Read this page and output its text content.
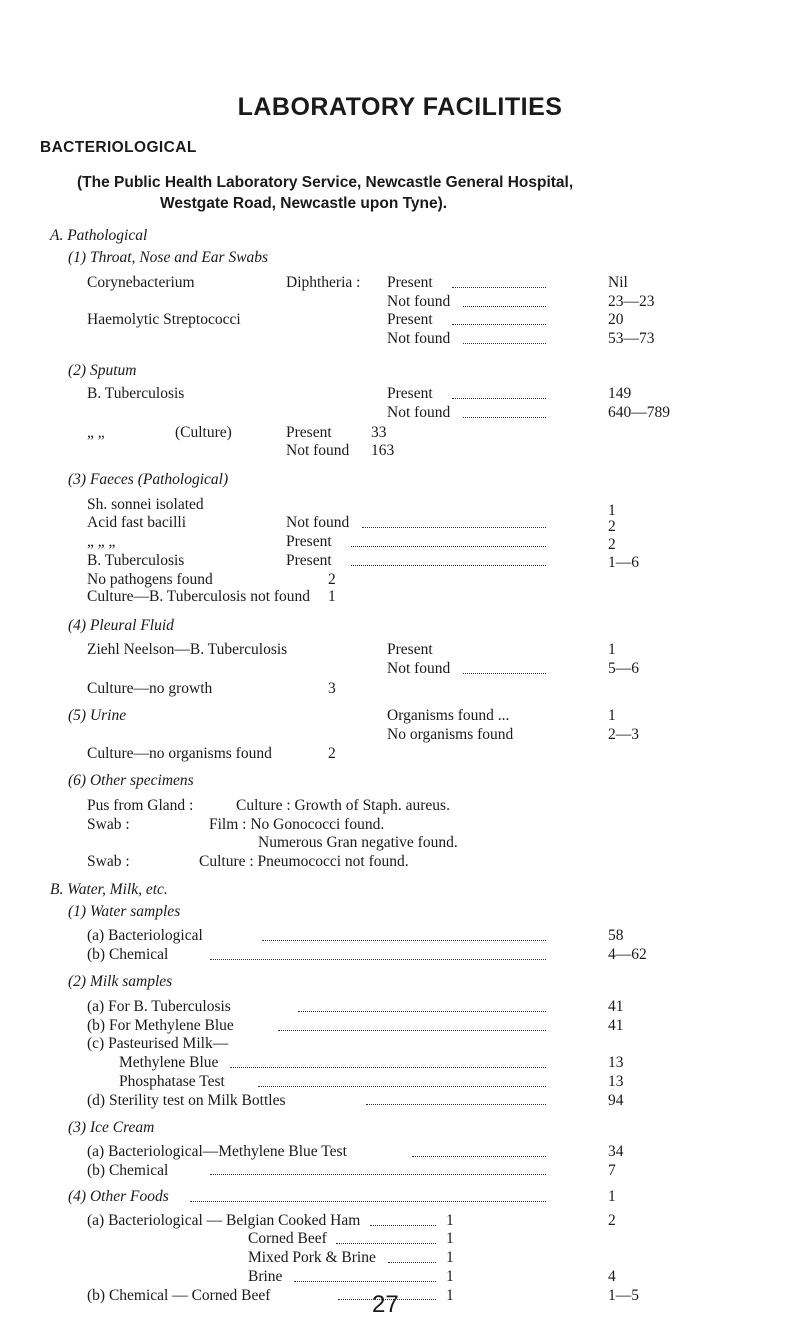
LABORATORY FACILITIES
BACTERIOLOGICAL
(The Public Health Laboratory Service, Newcastle General Hospital,
Westgate Road, Newcastle upon Tyne).
A. Pathological
(1) Throat, Nose and Ear Swabs
Corynebacterium	Diphtheria : Present	Nil
Not found	23—23
Haemolytic Streptococci	Present	20
Not found	53—73
(2) Sputum
B. Tuberculosis	Present	149
Not found	640—789
„ „	(Culture)	Present	33
Not found 163
(3) Faeces (Pathological)
Sh. sonnei isolated	1
Acid fast bacilli	Not found	2
„ „ „	Present	2
B. Tuberculosis	Present	1—6
No pathogens found	2
Culture—B. Tuberculosis not found 1
(4) Pleural Fluid
Ziehl Neelson—B. Tuberculosis	Present	1
Not found	5—6
Culture—no growth	3
(5) Urine	Organisms found ...	1
No organisms found	2—3
Culture—no organisms found	2
(6) Other specimens
Pus from Gland :	Culture : Growth of Staph. aureus.
Swab :	Film : No Gonococci found.
Numerous Gran negative found.
Swab :	Culture : Pneumococci not found.
B. Water, Milk, etc.
(1) Water samples
(a) Bacteriological	58
(b) Chemical	4—62
(2) Milk samples
(a) For B. Tuberculosis	41
(b) For Methylene Blue	41
(c) Pasteurised Milk—
Methylene Blue	13
Phosphatase Test	13
(d) Sterility test on Milk Bottles	94
(3) Ice Cream
(a) Bacteriological—Methylene Blue Test	34
(b) Chemical	7
(4) Other Foods	1
(a) Bacteriological — Belgian Cooked Ham	1	2
Corned Beef	1
Mixed Pork & Brine	1
Brine	1	4
(b) Chemical — Corned Beef	1	1—5
27
